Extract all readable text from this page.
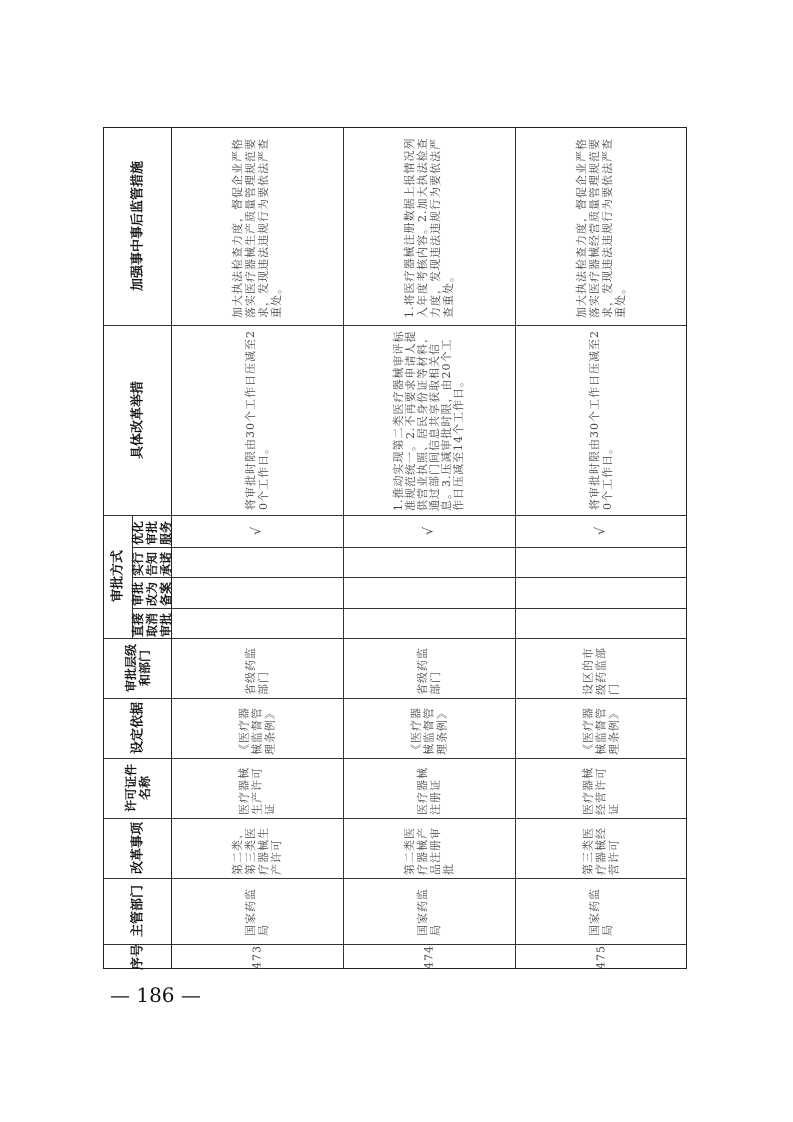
序号
主管部门
改革事项
许可证件名称
设定依据
审批层级和部门
审批方式
直接取消审批
审批改为备案
实行告知承诺
优化审批服务
具体改革举措
加强事中事后监管措施
473
国家药监局
第二类、第三类医疗器械生产许可
医疗器械生产许可证
《医疗器械监督管理条例》
省级药监部门
√
将审批时限由30个工作日压减至20个工作日。
加大执法检查力度，督促企业严格落实医疗器械生产质量管理规范要求，发现违法违规行为要依法严查重处。
474
国家药监局
第二类医疗器械产品注册审批
医疗器械注册证
《医疗器械监督管理条例》
省级药监部门
√
1.推动实现第二类医疗器械审评标准规范统一。2.不再要求申请人提供营业执照、居民身份证等材料，通过部门间信息共享获取相关信息。3.压减审批时限，由20个工作日压减至14个工作日。
1.将医疗器械注册数据上报情况列入年度考核内容。2.加大执法检查力度，发现违法违规行为要依法严查重处。
475
国家药监局
第三类医疗器械经营许可
医疗器械经营许可证
《医疗器械监督管理条例》
设区的市级药监部门
√
将审批时限由30个工作日压减至20个工作日。
加大执法检查力度，督促企业严格落实医疗器械经营质量管理规范要求，发现违法违规行为要依法严查重处。
— 186 —
